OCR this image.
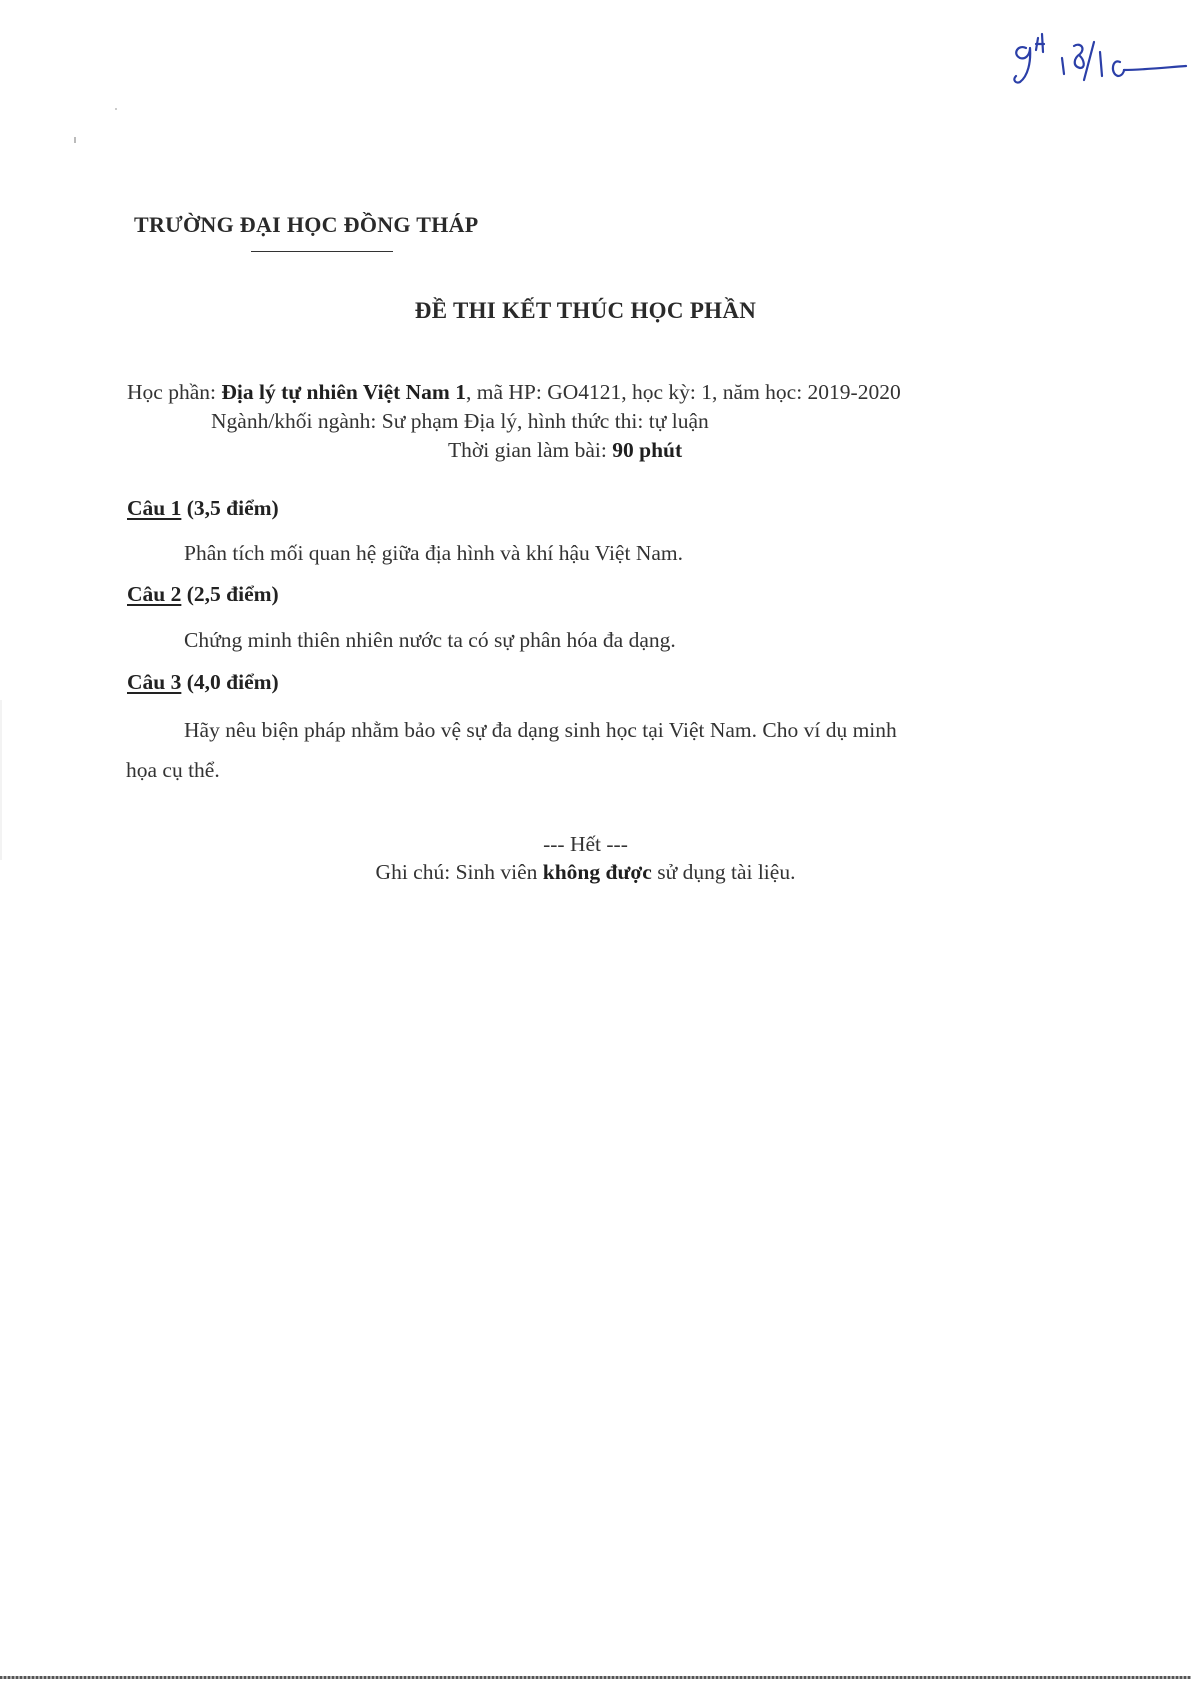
TRƯỜNG ĐẠI HỌC ĐỒNG THÁP
ĐỀ THI KẾT THÚC HỌC PHẦN
Học phần: Địa lý tự nhiên Việt Nam 1, mã HP: GO4121, học kỳ: 1, năm học: 2019-2020
Ngành/khối ngành: Sư phạm Địa lý, hình thức thi: tự luận
Thời gian làm bài: 90 phút
Câu 1 (3,5 điểm)
Phân tích mối quan hệ giữa địa hình và khí hậu Việt Nam.
Câu 2 (2,5 điểm)
Chứng minh thiên nhiên nước ta có sự phân hóa đa dạng.
Câu 3 (4,0 điểm)
Hãy nêu biện pháp nhằm bảo vệ sự đa dạng sinh học tại Việt Nam. Cho ví dụ minh
họa cụ thể.
--- Hết ---
Ghi chú: Sinh viên không được sử dụng tài liệu.
